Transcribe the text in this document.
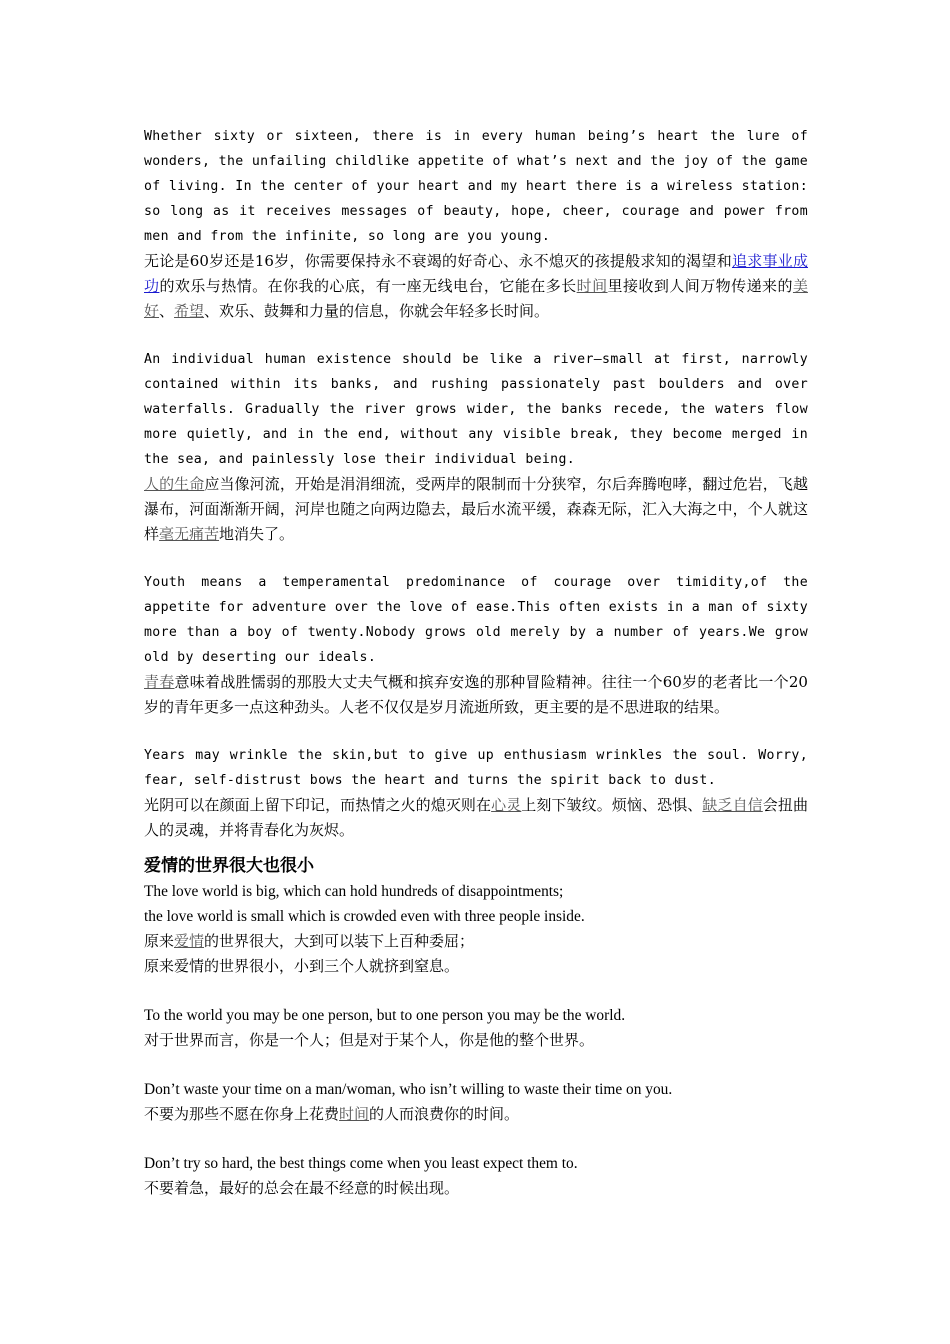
Whether sixty or sixteen, there is in every human being’s heart the lure of wonders, the unfailing childlike appetite of what’s next and the joy of the game of living. In the center of your heart and my heart there is a wireless station: so long as it receives messages of beauty, hope, cheer, courage and power from men and from the infinite, so long are you young.

无论是60岁还是16岁，你需要保持永不衰竭的好奇心、永不熄灭的孩提般求知的渴望和追求事业成功的欢乐与热情。在你我的心底，有一座无线电台，它能在多长时间里接收到人间万物传递来的美好、希望、欢乐、鼓舞和力量的信息，你就会年轻多长时间。

An individual human existence should be like a river—small at first, narrowly contained within its banks, and rushing passionately past boulders and over waterfalls. Gradually the river grows wider, the banks recede, the waters flow more quietly, and in the end, without any visible break, they become merged in the sea, and painlessly lose their individual being.

人的生命应当像河流，开始是涓涓细流，受两岸的限制而十分狭窄，尔后奔腾咆哮，翻过危岩，飞越瀑布，河面渐渐开阔，河岸也随之向两边隐去，最后水流平缓，森森无际，汇入大海之中，个人就这样毫无痛苦地消失了。

Youth means a temperamental predominance of courage over timidity,of the appetite for adventure over the love of ease.This often exists in a man of sixty more than a boy of twenty.Nobody grows old merely by a number of years.We grow old by deserting our ideals.

青春意味着战胜懦弱的那股大丈夫气概和摈弃安逸的那种冒险精神。往往一个60岁的老者比一个20岁的青年更多一点这种劲头。人老不仅仅是岁月流逝所致，更主要的是不思进取的结果。

Years may wrinkle the skin,but to give up enthusiasm wrinkles the soul. Worry, fear, self-distrust bows the heart and turns the spirit back to dust.

光阴可以在颜面上留下印记，而热情之火的熄灭则在心灵上刻下皱纹。烦恼、恐惧、缺乏自信会扭曲人的灵魂，并将青春化为灰烬。

爱情的世界很大也很小

The love world is big, which can hold hundreds of disappointments;

the love world is small which is crowded even with three people inside.

原来爱情的世界很大，大到可以装下上百种委屈；

原来爱情的世界很小，小到三个人就挤到窒息。

To the world you may be one person, but to one person you may be the world.

对于世界而言，你是一个人；但是对于某个人，你是他的整个世界。

Don’t waste your time on a man/woman, who isn’t willing to waste their time on you.

不要为那些不愿在你身上花费时间的人而浪费你的时间。

Don’t try so hard, the best things come when you least expect them to.

不要着急，最好的总会在最不经意的时候出现。
